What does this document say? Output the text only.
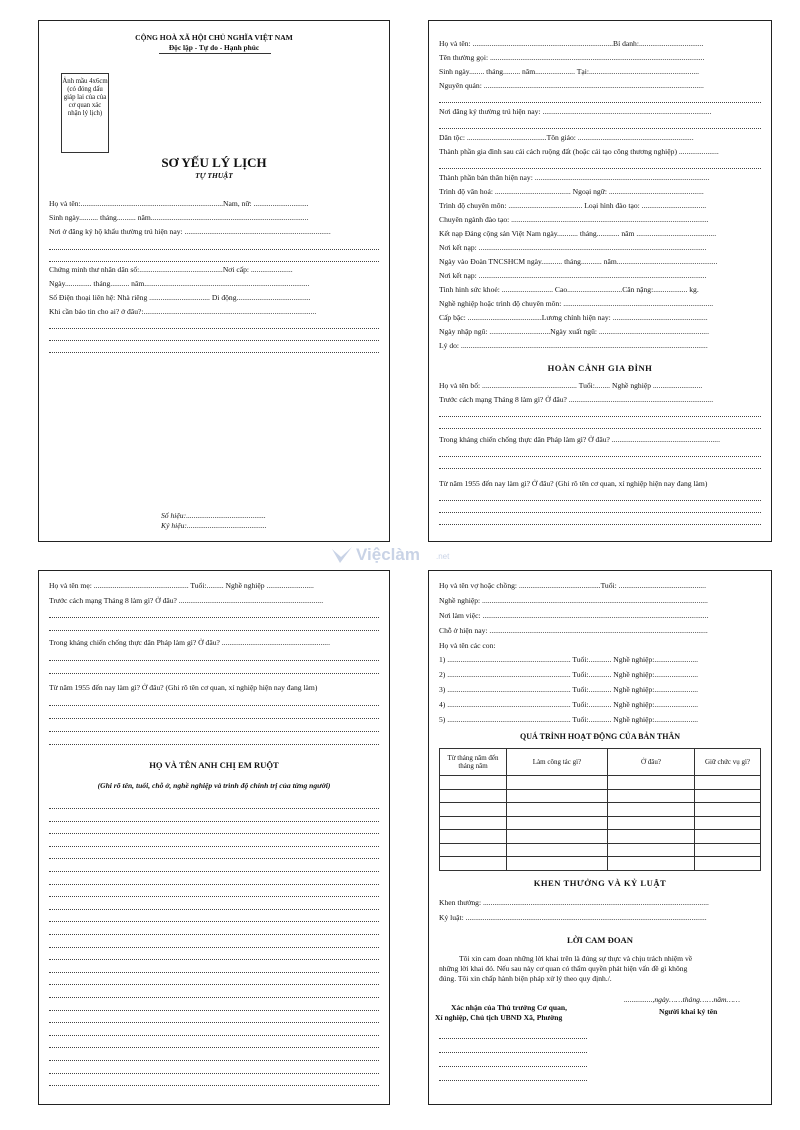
CỘNG HOÀ XÃ HỘI CHỦ NGHĨA VIỆT NAM
Độc lập - Tự do - Hạnh phúc
Ảnh mầu 4x6cm (có đóng dấu giáp lai của của cơ quan xác nhận lý lịch)
SƠ YẾU LÝ LỊCH
TỰ THUẬT
Họ và tên:...........................................................................Nam, nữ: .............................
Sinh ngày.......... tháng.......... năm...................................................................................
Nơi ở đăng ký hộ khẩu thường trú hiện nay: .............................................................................
Chứng minh thư nhân dân số:............................................Nơi cấp: ......................
Ngày.............. tháng.......... năm.......................................................................................
Số Điện thoại liên hệ: Nhà riêng ................................ Di động.......................................
Khi cần báo tin cho ai? ở đâu?:...........................................................................................
Số hiệu:..........................................
Ký hiệu:..........................................
Họ và tên: ..........................................................................Bí danh:..................................
Tên thường gọi: .................................................................................................................
Sinh ngày........ tháng......... năm..................... Tại:..........................................................
Nguyên quán: ....................................................................................................................
Nơi đăng ký thường trú hiện nay: .........................................................................................
Dân tộc: ..........................................Tôn giáo: .............................................................
Thành phần gia đình sau cải cách ruộng đất (hoặc cải tạo công thương nghiệp) .....................
Thành phần bản thân hiện nay: ............................................................................................
Trình độ văn hoá: ........................................ Ngoại ngữ: ..................................................
Trình độ chuyên môn: ....................................... Loại hình đào tạo: ..................................
Chuyên ngành đào tạo: ........................................................................................................
Kết nạp Đảng cộng sản Việt Nam ngày........... tháng............ năm ..........................................
Nơi kết nạp: ........................................................................................................................
Ngày vào Đoàn TNCSHCM ngày........... tháng........... năm.....................................................
Nơi kết nạp: ........................................................................................................................
Tình hình sức khoẻ: ........................... Cao.............................Cân nặng:.................. kg.
Nghề nghiệp hoặc trình độ chuyên môn: ...............................................................................
Cấp bậc: .......................................Lương chính hiện nay: ..................................................
Ngày nhập ngũ: ................................Ngày xuất ngũ: ..........................................................
Lý do: ..................................................................................................................................
HOÀN CẢNH GIA ĐÌNH
Họ và tên bố: .................................................. Tuổi:........ Nghề nghiệp ..........................
Trước cách mạng Tháng 8 làm gì? Ở đâu? ............................................................................
Trong kháng chiến chống thực dân Pháp làm gì? Ở đâu? .........................................................
Từ năm 1955 đến nay làm gì? Ở đâu? (Ghi rõ tên cơ quan, xí nghiệp hiện nay đang làm)
Việclàm .net
Họ và tên mẹ: .................................................. Tuổi:......... Nghề nghiệp .........................
Trước cách mạng Tháng 8 làm gì? Ở đâu? ............................................................................
Trong kháng chiến chống thực dân Pháp làm gì? Ở đâu? .........................................................
Từ năm 1955 đến nay làm gì? Ở đâu? (Ghi rõ tên cơ quan, xí nghiệp hiện nay đang làm)
HỌ VÀ TÊN ANH CHỊ EM RUỘT
(Ghi rõ tên, tuổi, chỗ ở, nghề nghiệp và trình độ chính trị của từng người)
Họ và tên vợ hoặc chồng: ...........................................Tuổi: ..............................................
Nghề nghiệp: .......................................................................................................................
Nơi làm việc: .......................................................................................................................
Chỗ ở hiện nay: ...................................................................................................................
Họ và tên các con:
1) ................................................................. Tuổi:............ Nghề nghiệp:.......................
2) ................................................................. Tuổi:............ Nghề nghiệp:.......................
3) ................................................................. Tuổi:............ Nghề nghiệp:.......................
4) ................................................................. Tuổi:............ Nghề nghiệp:.......................
5) ................................................................. Tuổi:............ Nghề nghiệp:.......................
QUÁ TRÌNH HOẠT ĐỘNG CỦA BẢN THÂN
Từ tháng năm đến tháng năm	Làm công tác gì?	Ở đâu?	Giữ chức vụ gì?

KHEN THƯỞNG VÀ KỶ LUẬT
Khen thưởng: .......................................................................................................................
Kỷ luật: ...............................................................................................................................
LỜI CAM ĐOAN
Tôi xin cam đoan những lời khai trên là đúng sự thực và chịu trách nhiệm về
những lời khai đó. Nếu sau này cơ quan có thẩm quyền phát hiện vấn đề gì không
đúng. Tôi xin chấp hành biện pháp xử lý theo quy định./.
...............,ngày……tháng……năm……
Người khai ký tên
Xác nhận của Thủ trưởng Cơ quan,
Xí nghiệp, Chủ tịch UBND Xã, Phường
